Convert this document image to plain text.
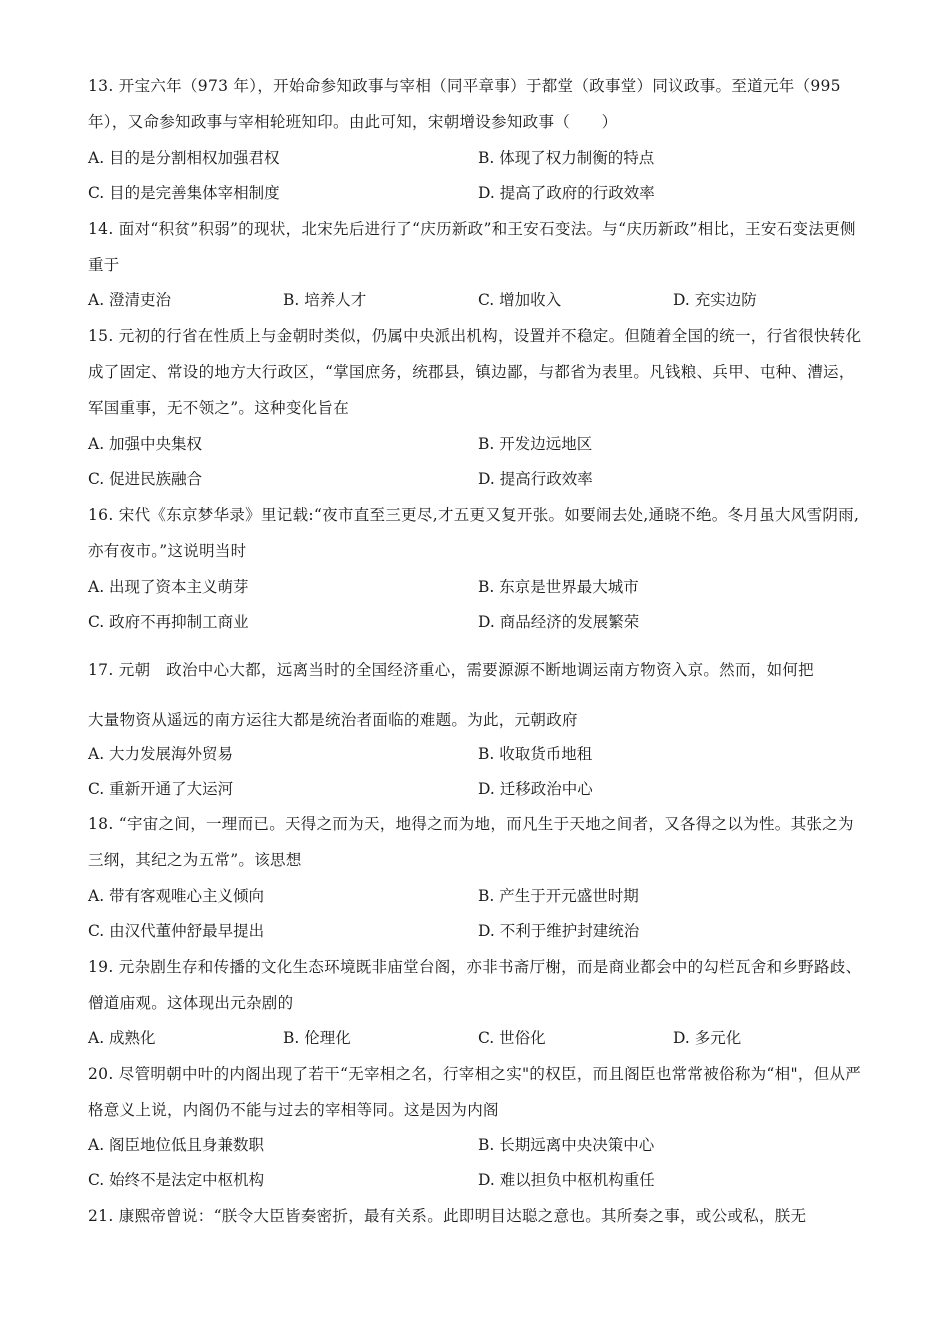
13. 开宝六年（973 年），开始命参知政事与宰相（同平章事）于都堂（政事堂）同议政事。至道元年（995 年），又命参知政事与宰相轮班知印。由此可知，宋朝增设参知政事（　　）
A. 目的是分割相权加强君权	B. 体现了权力制衡的特点
C. 目的是完善集体宰相制度	D. 提高了政府的行政效率
14. 面对“积贫”积弱”的现状，北宋先后进行了“庆历新政”和王安石变法。与“庆历新政”相比，王安石变法更侧重于
A. 澄清吏治	B. 培养人才	C. 增加收入	D. 充实边防
15. 元初的行省在性质上与金朝时类似，仍属中央派出机构，设置并不稳定。但随着全国的统一，行省很快转化成了固定、常设的地方大行政区，“掌国庶务，统郡县，镇边鄙，与都省为表里。凡钱粮、兵甲、屯种、漕运，军国重事，无不领之”。这种变化旨在
A. 加强中央集权	B. 开发边远地区
C. 促进民族融合	D. 提高行政效率
16. 宋代《东京梦华录》里记载:“夜市直至三更尽,才五更又复开张。如要闹去处,通晓不绝。冬月虽大风雪阴雨,亦有夜市。”这说明当时
A. 出现了资本主义萌芽	B. 东京是世界最大城市
C. 政府不再抑制工商业	D. 商品经济的发展繁荣
17. 元朝　政治中心大都，远离当时的全国经济重心，需要源源不断地调运南方物资入京。然而，如何把
大量物资从遥远的南方运往大都是统治者面临的难题。为此，元朝政府
A. 大力发展海外贸易	B. 收取货币地租
C. 重新开通了大运河	D. 迁移政治中心
18. “宇宙之间，一理而已。天得之而为天，地得之而为地，而凡生于天地之间者，又各得之以为性。其张之为三纲，其纪之为五常”。该思想
A. 带有客观唯心主义倾向	B. 产生于开元盛世时期
C. 由汉代董仲舒最早提出	D. 不利于维护封建统治
19. 元杂剧生存和传播的文化生态环境既非庙堂台阁，亦非书斋厅榭，而是商业都会中的勾栏瓦舍和乡野路歧、僧道庙观。这体现出元杂剧的
A. 成熟化	B. 伦理化	C. 世俗化	D. 多元化
20. 尽管明朝中叶的内阁出现了若干“无宰相之名，行宰相之实"的权臣，而且阁臣也常常被俗称为“相"，但从严格意义上说，内阁仍不能与过去的宰相等同。这是因为内阁
A. 阁臣地位低且身兼数职	B. 长期远离中央决策中心
C. 始终不是法定中枢机构	D. 难以担负中枢机构重任
21. 康熙帝曾说：“朕令大臣皆奏密折，最有关系。此即明目达聪之意也。其所奏之事，或公或私，朕无
